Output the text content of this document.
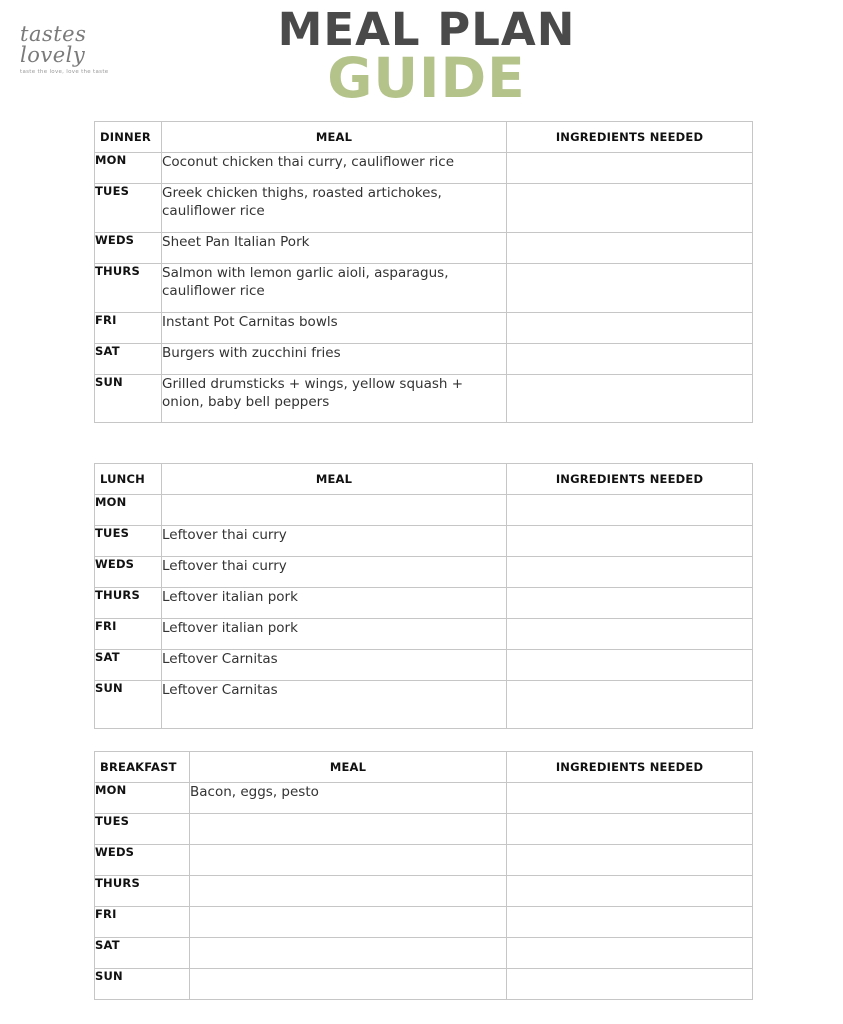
tastes lovely
taste the love, love the taste
MEAL PLAN
GUIDE
DINNER	MEAL	INGREDIENTS NEEDED
MON	Coconut chicken thai curry, cauliflower rice	
TUES	Greek chicken thighs, roasted artichokes, cauliflower rice	
WEDS	Sheet Pan Italian Pork	
THURS	Salmon with lemon garlic aioli, asparagus, cauliflower rice	
FRI	Instant Pot Carnitas bowls	
SAT	Burgers with zucchini fries	
SUN	Grilled drumsticks + wings, yellow squash + onion, baby bell peppers	
LUNCH	MEAL	INGREDIENTS NEEDED
MON		
TUES	Leftover thai curry	
WEDS	Leftover thai curry	
THURS	Leftover italian pork	
FRI	Leftover italian pork	
SAT	Leftover Carnitas	
SUN	Leftover Carnitas	
BREAKFAST	MEAL	INGREDIENTS NEEDED
MON	Bacon, eggs, pesto	
TUES		
WEDS		
THURS		
FRI		
SAT		
SUN		
